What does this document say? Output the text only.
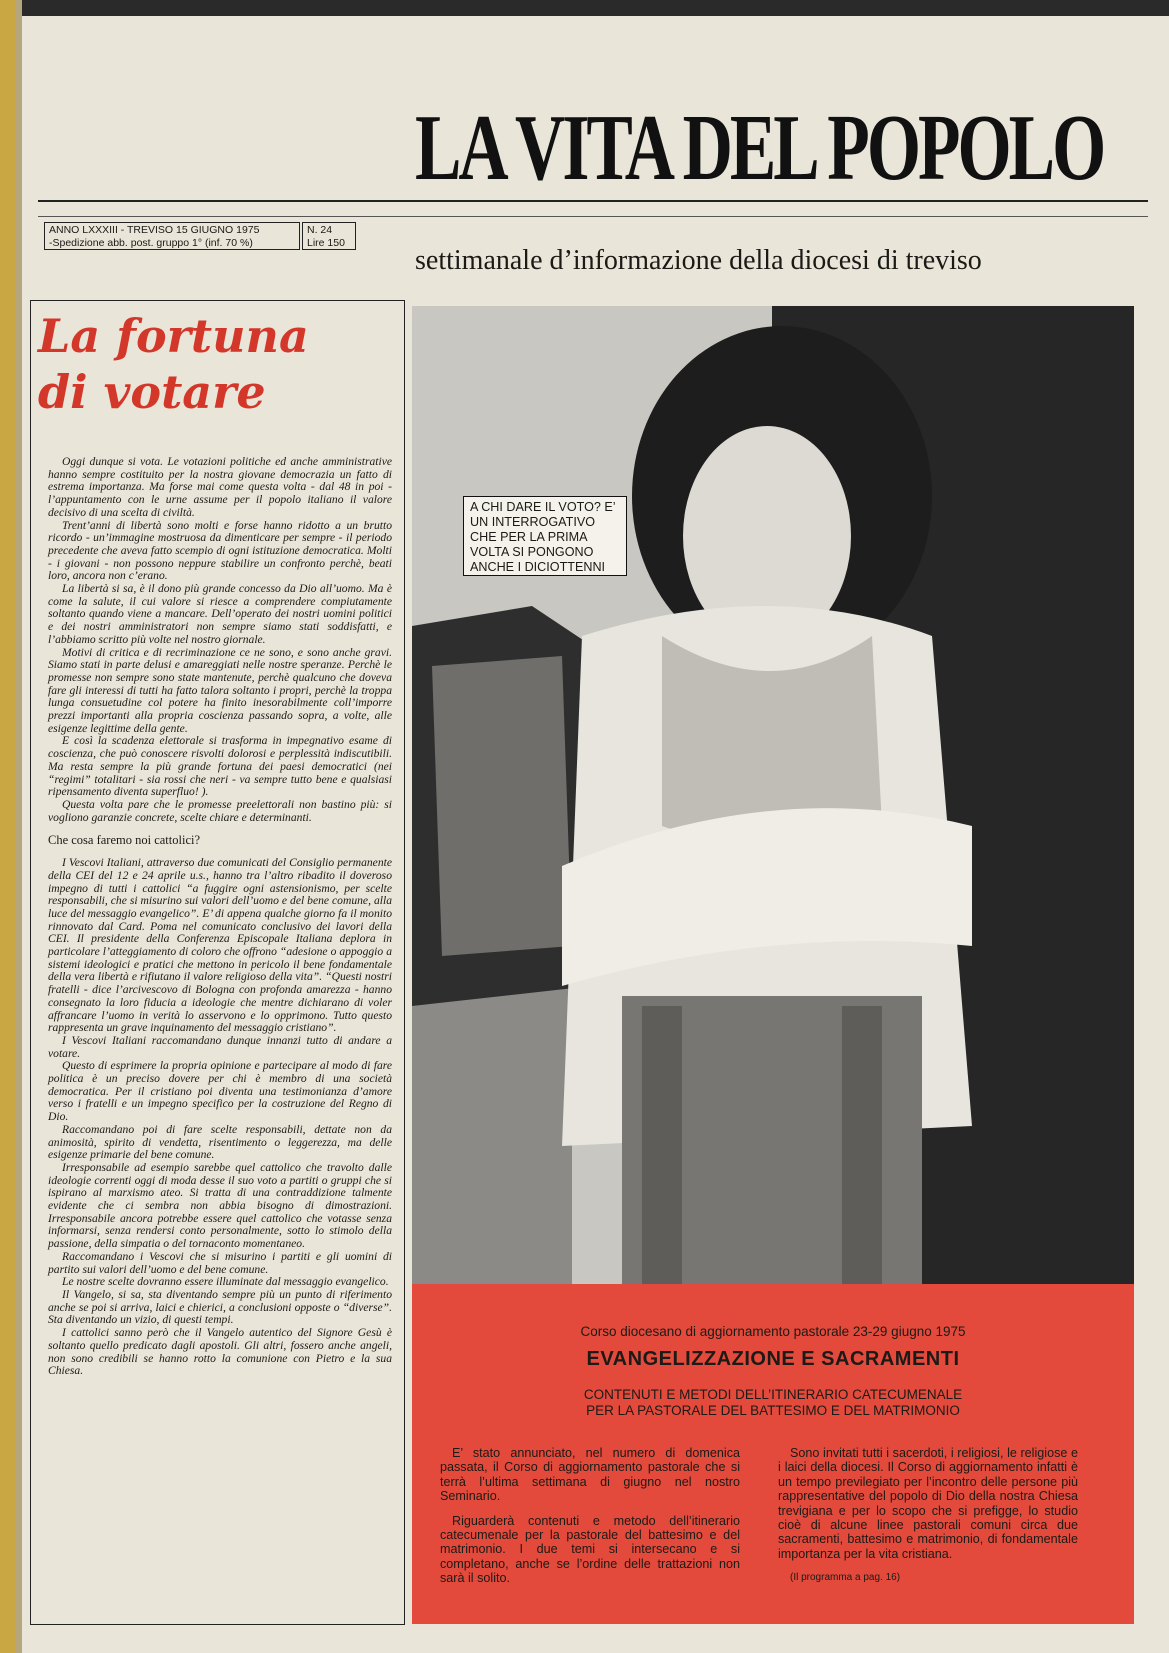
LA VITA DEL POPOLO
ANNO LXXXIII - TREVISO 15 GIUGNO 1975
-Spedizione abb. post. gruppo 1° (inf. 70 %)
N. 24
Lire 150
settimanale d’informazione della diocesi di treviso
La fortuna
di votare

Oggi dunque si vota. Le votazioni politiche ed anche amministrative hanno sempre costituito per la nostra giovane democrazia un fatto di estrema importanza. Ma forse mai come questa volta - dal 48 in poi - l’appuntamento con le urne assume per il popolo italiano il valore decisivo di una scelta di civiltà.

Trent’anni di libertà sono molti e forse hanno ridotto a un brutto ricordo - un’immagine mostruosa da dimenticare per sempre - il periodo precedente che aveva fatto scempio di ogni istituzione democratica. Molti - i giovani - non possono neppure stabilire un confronto perchè, beati loro, ancora non c’erano.

La libertà si sa, è il dono più grande concesso da Dio all’uomo. Ma è come la salute, il cui valore si riesce a comprendere compiutamente soltanto quando viene a mancare. Dell’operato dei nostri uomini politici e dei nostri amministratori non sempre siamo stati soddisfatti, e l’abbiamo scritto più volte nel nostro giornale.

Motivi di critica e di recriminazione ce ne sono, e sono anche gravi. Siamo stati in parte delusi e amareggiati nelle nostre speranze. Perchè le promesse non sempre sono state mantenute, perchè qualcuno che doveva fare gli interessi di tutti ha fatto talora soltanto i propri, perchè la troppa lunga consuetudine col potere ha finito inesorabilmente coll’imporre prezzi importanti alla propria coscienza passando sopra, a volte, alle esigenze legittime della gente.

E così la scadenza elettorale si trasforma in impegnativo esame di coscienza, che può conoscere risvolti dolorosi e perplessità indiscutibili. Ma resta sempre la più grande fortuna dei paesi democratici (nei “regimi” totalitari - sia rossi che neri - va sempre tutto bene e qualsiasi ripensamento diventa superfluo! ).

Questa volta pare che le promesse preelettorali non bastino più: si vogliono garanzie concrete, scelte chiare e determinanti.

Che cosa faremo noi cattolici?

I Vescovi Italiani, attraverso due comunicati del Consiglio permanente della CEI del 12 e 24 aprile u.s., hanno tra l’altro ribadito il doveroso impegno di tutti i cattolici “a fuggire ogni astensionismo, per scelte responsabili, che si misurino sui valori dell’uomo e del bene comune, alla luce del messaggio evangelico”. E’ di appena qualche giorno fa il monito rinnovato dal Card. Poma nel comunicato conclusivo dei lavori della CEI. Il presidente della Conferenza Episcopale Italiana deplora in particolare l’atteggiamento di coloro che offrono “adesione o appoggio a sistemi ideologici e pratici che mettono in pericolo il bene fondamentale della vera libertà e rifiutano il valore religioso della vita”. “Questi nostri fratelli - dice l’arcivescovo di Bologna con profonda amarezza - hanno consegnato la loro fiducia a ideologie che mentre dichiarano di voler affrancare l’uomo in verità lo asservono e lo opprimono. Tutto questo rappresenta un grave inquinamento del messaggio cristiano”.

I Vescovi Italiani raccomandano dunque innanzi tutto di andare a votare.

Questo di esprimere la propria opinione e partecipare al modo di fare politica è un preciso dovere per chi è membro di una società democratica. Per il cristiano poi diventa una testimonianza d’amore verso i fratelli e un impegno specifico per la costruzione del Regno di Dio.

Raccomandano poi di fare scelte responsabili, dettate non da animosità, spirito di vendetta, risentimento o leggerezza, ma delle esigenze primarie del bene comune.

Irresponsabile ad esempio sarebbe quel cattolico che travolto dalle ideologie correnti oggi di moda desse il suo voto a partiti o gruppi che si ispirano al marxismo ateo. Si tratta di una contraddizione talmente evidente che ci sembra non abbia bisogno di dimostrazioni. Irresponsabile ancora potrebbe essere quel cattolico che votasse senza informarsi, senza rendersi conto personalmente, sotto lo stimolo della passione, della simpatia o del tornaconto momentaneo.

Raccomandano i Vescovi che si misurino i partiti e gli uomini di partito sui valori dell’uomo e del bene comune.

Le nostre scelte dovranno essere illuminate dal messaggio evangelico.

Il Vangelo, si sa, sta diventando sempre più un punto di riferimento anche se poi si arriva, laici e chierici, a conclusioni opposte o “diverse”. Sta diventando un vizio, di questi tempi.

I cattolici sanno però che il Vangelo autentico del Signore Gesù è soltanto quello predicato dagli apostoli. Gli altri, fossero anche angeli, non sono credibili se hanno rotto la comunione con Pietro e la sua Chiesa.

A CHI DARE IL VOTO? E’ UN INTERROGATIVO CHE PER LA PRIMA VOLTA SI PONGONO ANCHE I DICIOTTENNI
Corso diocesano di aggiornamento pastorale 23-29 giugno 1975
EVANGELIZZAZIONE E SACRAMENTI
CONTENUTI E METODI DELL’ITINERARIO CATECUMENALE
PER LA PASTORALE DEL BATTESIMO E DEL MATRIMONIO

E’ stato annunciato, nel numero di domenica passata, il Corso di aggiornamento pastorale che si terrà l’ultima settimana di giugno nel nostro Seminario.

Riguarderà contenuti e metodo dell’itinerario catecumenale per la pastorale del battesimo e del matrimonio. I due temi si intersecano e si completano, anche se l’ordine delle trattazioni non sarà il solito.

Sono invitati tutti i sacerdoti, i religiosi, le religiose e i laici della diocesi. Il Corso di aggiornamento infatti è un tempo previlegiato per l’incontro delle persone più rappresentative del popolo di Dio della nostra Chiesa trevigiana e per lo scopo che si prefigge, lo studio cioè di alcune linee pastorali comuni circa due sacramenti, battesimo e matrimonio, di fondamentale importanza per la vita cristiana.

(Il programma a pag. 16)
